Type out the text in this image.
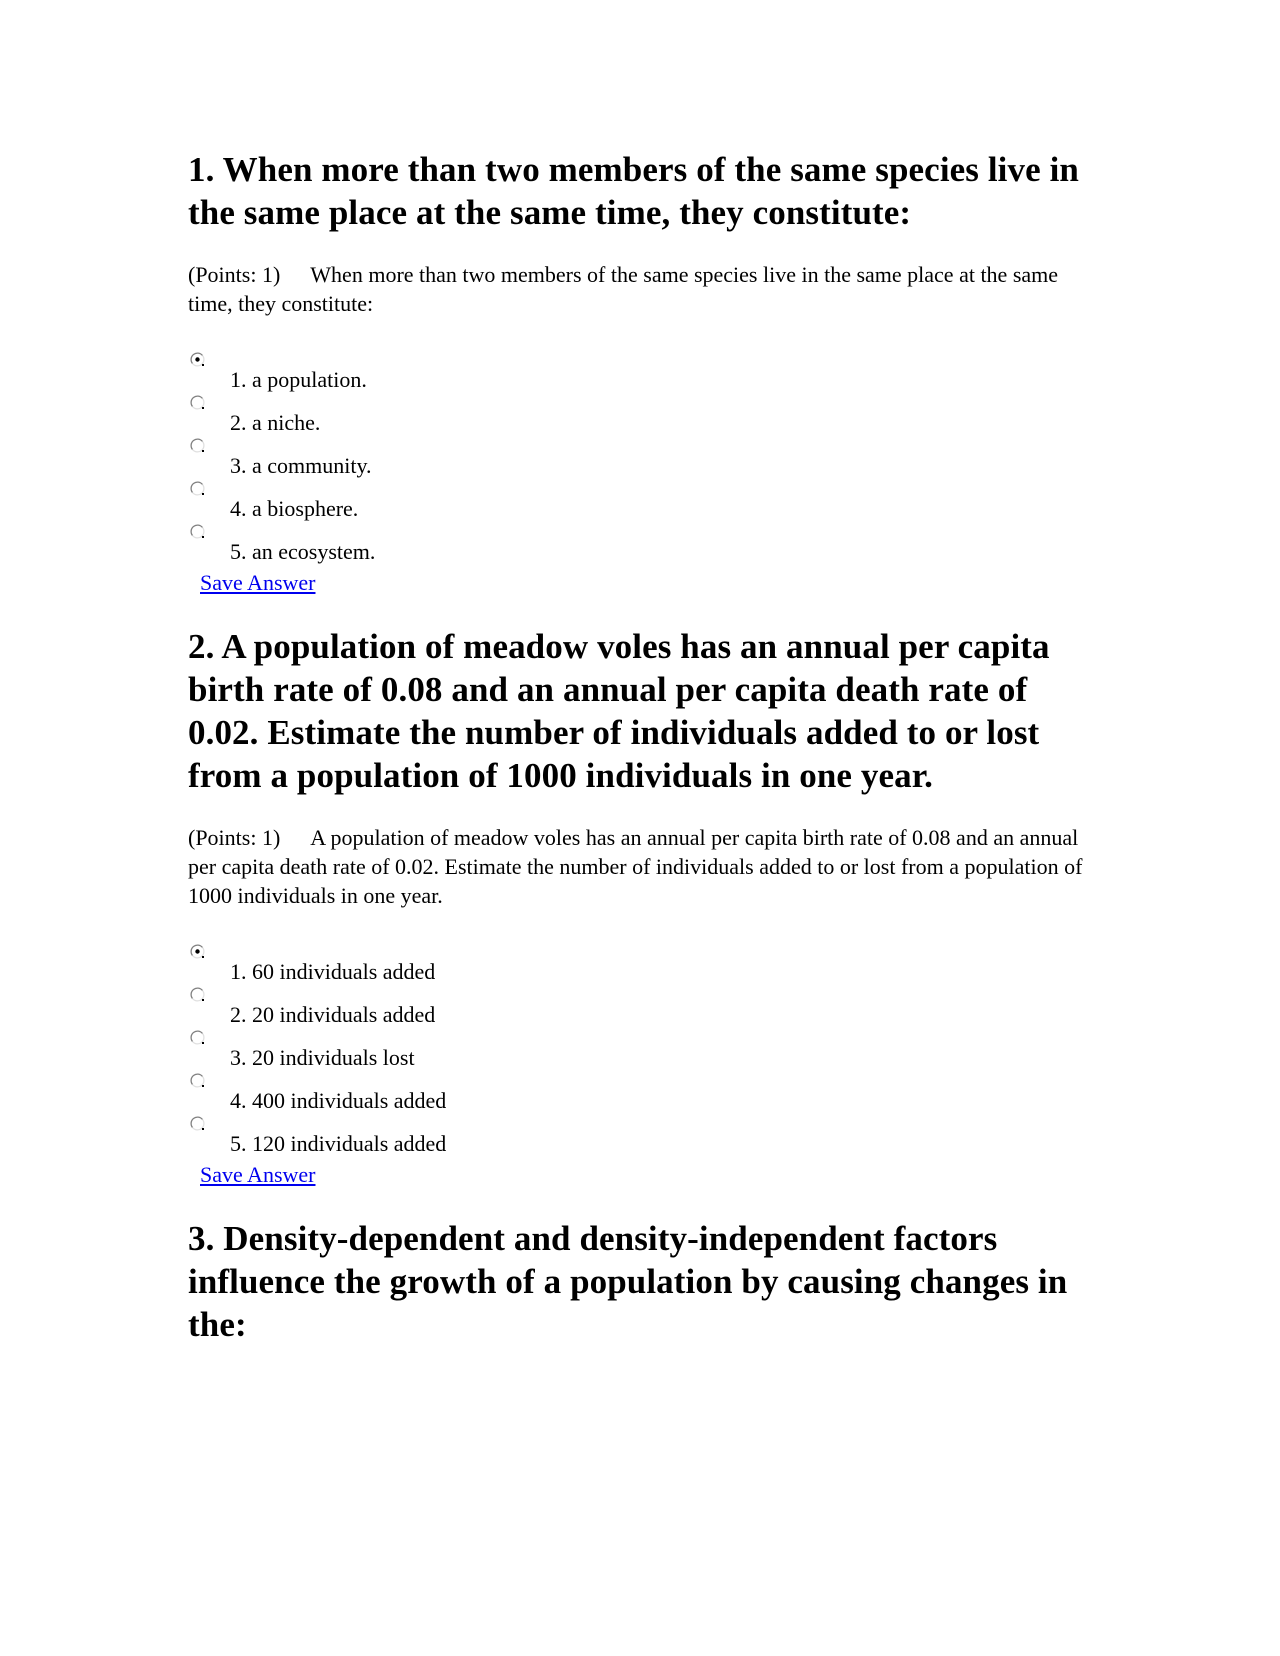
1. When more than two members of the same species live in the same place at the same time, they constitute:

(Points: 1) When more than two members of the same species live in the same place at the same time, they constitute:

1. a population.
2. a niche.
3. a community.
4. a biosphere.
5. an ecosystem.
Save Answer
2. A population of meadow voles has an annual per capita birth rate of 0.08 and an annual per capita death rate of 0.02. Estimate the number of individuals added to or lost from a population of 1000 individuals in one year.

(Points: 1) A population of meadow voles has an annual per capita birth rate of 0.08 and an annual per capita death rate of 0.02. Estimate the number of individuals added to or lost from a population of 1000 individuals in one year.

1. 60 individuals added
2. 20 individuals added
3. 20 individuals lost
4. 400 individuals added
5. 120 individuals added
Save Answer
3. Density-dependent and density-independent factors influence the growth of a population by causing changes in the:
